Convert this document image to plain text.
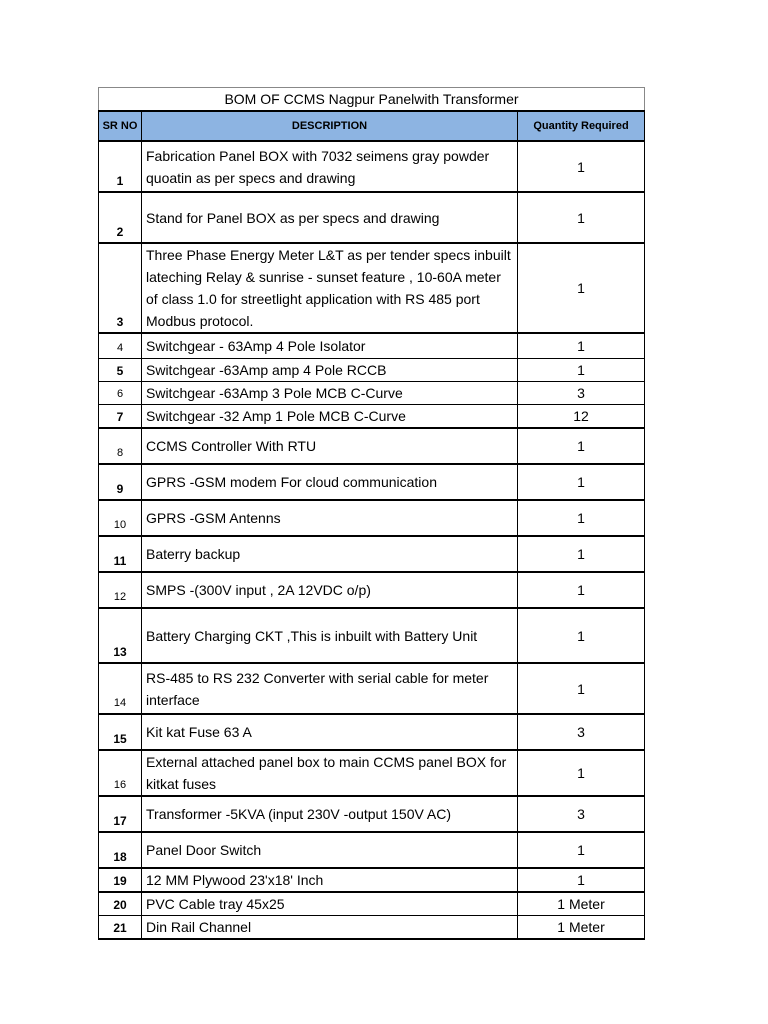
BOM OF CCMS Nagpur Panelwith Transformer		
SR NO	DESCRIPTION	Quantity Required
1	Fabrication Panel BOX with 7032 seimens gray powder quoatin as per specs and drawing	1
2	Stand for Panel BOX as per specs and drawing	1
3	Three Phase Energy Meter L&T as per tender specs inbuilt lateching Relay & sunrise - sunset feature , 10-60A meter of class 1.0 for streetlight application with RS 485 port Modbus protocol.	1
4	Switchgear - 63Amp 4 Pole Isolator	1
5	Switchgear -63Amp amp 4 Pole RCCB	1
6	Switchgear -63Amp 3 Pole MCB C-Curve	3
7	Switchgear -32 Amp 1 Pole MCB C-Curve	12
8	CCMS Controller With RTU	1
9	GPRS -GSM modem For cloud communication	1
10	GPRS -GSM Antenns	1
11	Baterry backup	1
12	SMPS -(300V input , 2A 12VDC o/p)	1
13	Battery Charging CKT ,This is inbuilt with Battery Unit	1
14	RS-485 to RS 232 Converter with serial cable for meter interface	1
15	Kit kat Fuse 63 A	3
16	External attached panel box to main CCMS panel BOX for kitkat fuses	1
17	Transformer -5KVA (input 230V -output 150V AC)	3
18	Panel Door Switch	1
19	12 MM Plywood 23'x18' Inch	1
20	PVC Cable tray 45x25	1 Meter
21	Din Rail Channel	1 Meter
